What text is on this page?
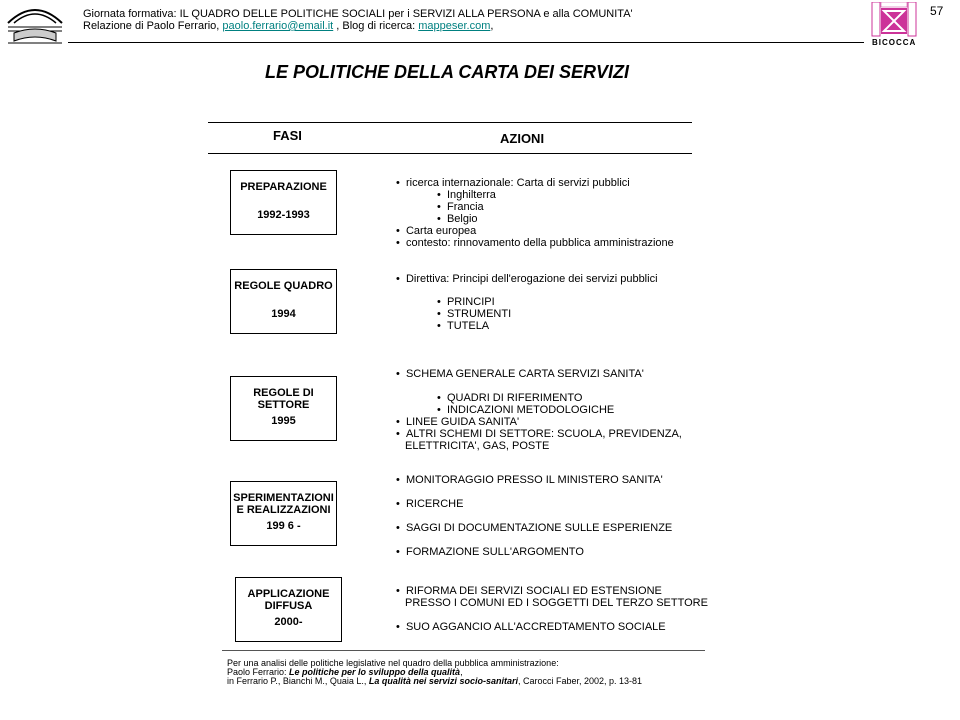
Giornata formativa: IL QUADRO DELLE POLITICHE SOCIALI per i SERVIZI ALLA PERSONA e alla COMUNITA'
Relazione di Paolo Ferrario, paolo.ferrario@email.it , Blog di ricerca: mappeser.com,
BICOCCA
57
LE POLITICHE DELLA CARTA DEI SERVIZI
FASI	AZIONI
PREPARAZIONE
1992-1993
•  ricerca internazionale: Carta di servizi pubblici
•  Inghilterra
•  Francia
•  Belgio
•  Carta europea
•  contesto: rinnovamento della pubblica amministrazione
REGOLE QUADRO
1994
•  Direttiva: Principi dell'erogazione dei servizi pubblici
•  PRINCIPI
•  STRUMENTI
•  TUTELA
REGOLE DI SETTORE
1995
•  SCHEMA GENERALE CARTA SERVIZI SANITA'
•  QUADRI DI RIFERIMENTO
•  INDICAZIONI METODOLOGICHE
•  LINEE GUIDA SANITA'
•  ALTRI SCHEMI DI SETTORE: SCUOLA, PREVIDENZA,
ELETTRICITA', GAS, POSTE
SPERIMENTAZIONI E REALIZZAZIONI
199 6 -
•  MONITORAGGIO PRESSO IL MINISTERO SANITA'
•  RICERCHE
•  SAGGI DI DOCUMENTAZIONE SULLE ESPERIENZE
•  FORMAZIONE SULL'ARGOMENTO
APPLICAZIONE DIFFUSA
2000-
•  RIFORMA DEI SERVIZI SOCIALI ED ESTENSIONE
PRESSO I COMUNI ED I SOGGETTI DEL TERZO SETTORE
•  SUO AGGANCIO ALL'ACCREDTAMENTO SOCIALE
Per una analisi delle politiche legislative nel quadro della pubblica amministrazione:
Paolo Ferrario: Le politiche per lo sviluppo della qualità,
in Ferrario P., Bianchi M., Quaia L., La qualità nei servizi socio-sanitari, Carocci Faber, 2002, p. 13-81
